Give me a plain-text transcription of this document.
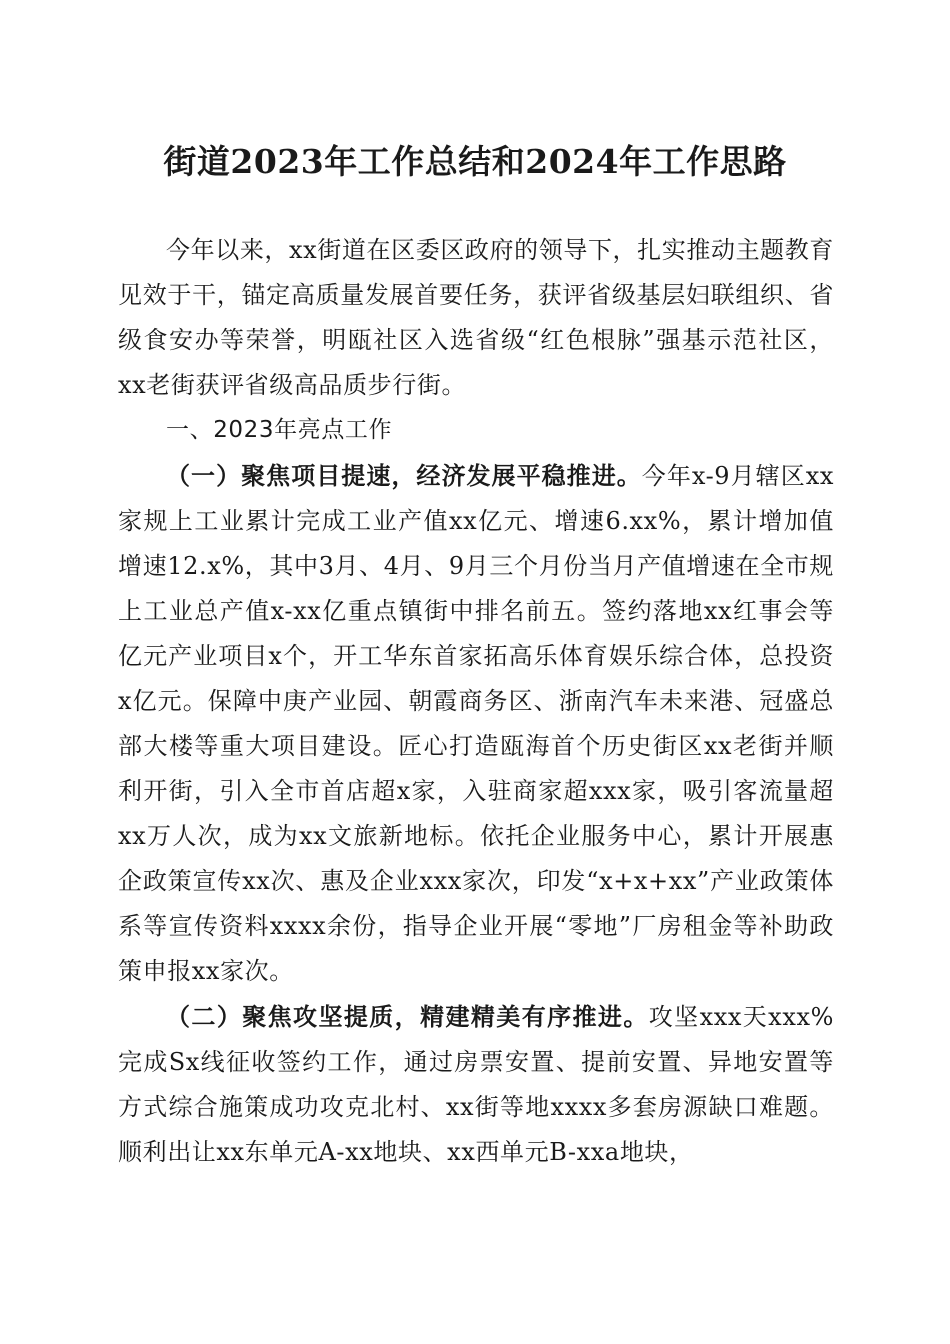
街道2023年工作总结和2024年工作思路

今年以来，xx街道在区委区政府的领导下，扎实推动主题教育见效于干，锚定高质量发展首要任务，获评省级基层妇联组织、省级食安办等荣誉，明瓯社区入选省级“红色根脉”强基示范社区，xx老街获评省级高品质步行街。

一、2023年亮点工作

（一）聚焦项目提速，经济发展平稳推进。今年x-9月辖区xx家规上工业累计完成工业产值xx亿元、增速6.xx%，累计增加值增速12.x%，其中3月、4月、9月三个月份当月产值增速在全市规上工业总产值x-xx亿重点镇街中排名前五。签约落地xx红事会等亿元产业项目x个，开工华东首家拓高乐体育娱乐综合体，总投资x亿元。保障中庚产业园、朝霞商务区、浙南汽车未来港、冠盛总部大楼等重大项目建设。匠心打造瓯海首个历史街区xx老街并顺利开街，引入全市首店超x家，入驻商家超xxx家，吸引客流量超xx万人次，成为xx文旅新地标。依托企业服务中心，累计开展惠企政策宣传xx次、惠及企业xxx家次，印发“x+x+xx”产业政策体系等宣传资料xxxx余份，指导企业开展“零地”厂房租金等补助政策申报xx家次。

（二）聚焦攻坚提质，精建精美有序推进。攻坚xxx天xxx%完成Sx线征收签约工作，通过房票安置、提前安置、异地安置等方式综合施策成功攻克北村、xx街等地xxxx多套房源缺口难题。顺利出让xx东单元A-xx地块、xx西单元B-xxa地块，
